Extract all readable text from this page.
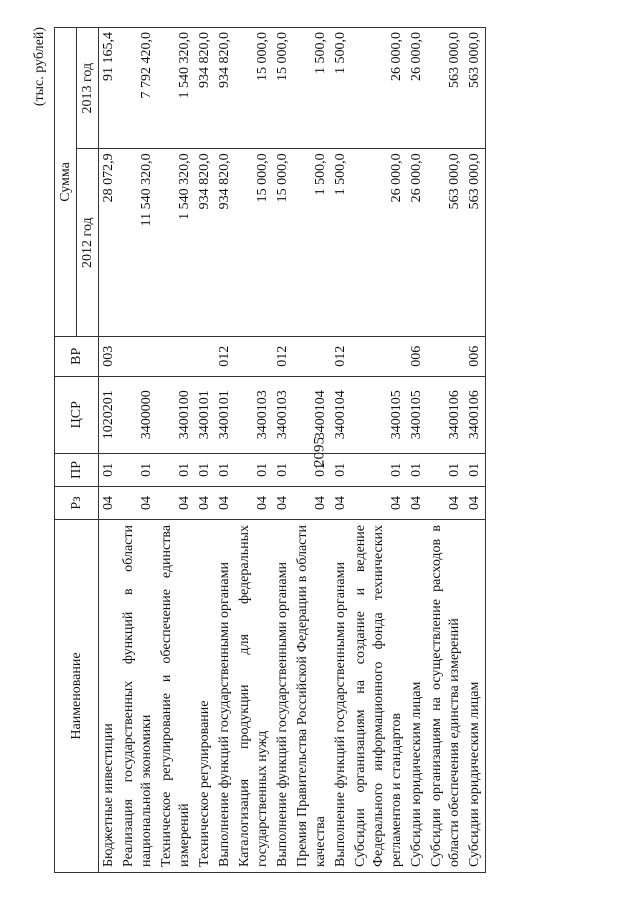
2095
(тыс. рублей)
Наименование	Рз	ПР	ЦСР	ВР	Сумма	
					2012 год	2013 год
Бюджетные инвестиции	04	01	1020201	003	28 072,9	91 165,4
Реализация государственных функций в области национальной экономики	04	01	3400000		11 540 320,0	7 792 420,0
Техническое регулирование и обеспечение единства измерений	04	01	3400100		1 540 320,0	1 540 320,0
Техническое регулирование	04	01	3400101		934 820,0	934 820,0
Выполнение функций государственными органами	04	01	3400101	012	934 820,0	934 820,0
Каталогизация продукции для федеральных государственных нужд	04	01	3400103		15 000,0	15 000,0
Выполнение функций государственными органами	04	01	3400103	012	15 000,0	15 000,0
Премия Правительства Российской Федерации в области качества	04	01	3400104		1 500,0	1 500,0
Выполнение функций государственными органами	04	01	3400104	012	1 500,0	1 500,0
Субсидии организациям на создание и ведение Федерального информационного фонда технических регламентов и стандартов	04	01	3400105		26 000,0	26 000,0
Субсидии юридическим лицам	04	01	3400105	006	26 000,0	26 000,0
Субсидии организациям на осуществление расходов в области обеспечения единства измерений	04	01	3400106		563 000,0	563 000,0
Субсидии юридическим лицам	04	01	3400106	006	563 000,0	563 000,0
